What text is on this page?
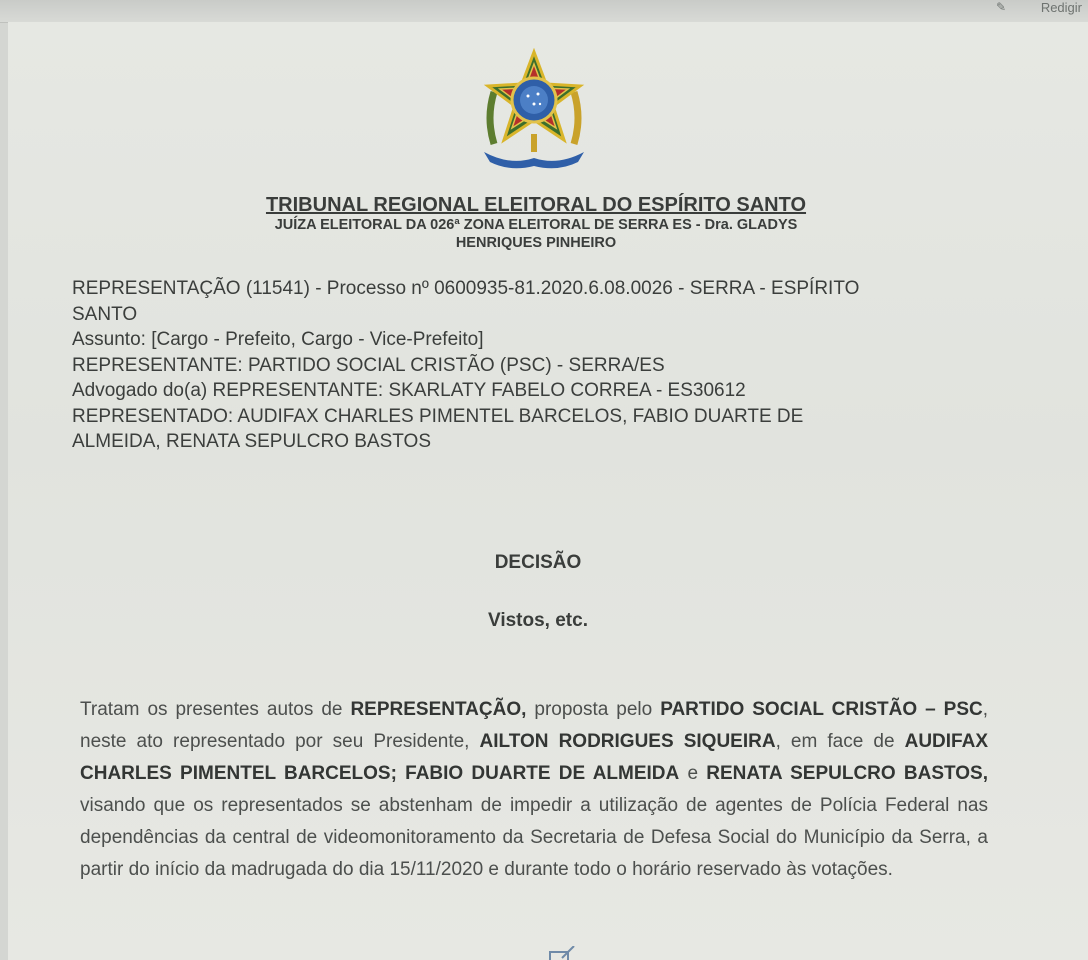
✎	Redigir
TRIBUNAL REGIONAL ELEITORAL DO ESPÍRITO SANTO
JUÍZA ELEITORAL DA 026ª ZONA ELEITORAL DE SERRA ES - Dra. GLADYS
HENRIQUES PINHEIRO
REPRESENTAÇÃO (11541) - Processo nº 0600935-81.2020.6.08.0026 - SERRA - ESPÍRITO
SANTO
Assunto: [Cargo - Prefeito, Cargo - Vice-Prefeito]
REPRESENTANTE: PARTIDO SOCIAL CRISTÃO (PSC) - SERRA/ES
Advogado do(a) REPRESENTANTE: SKARLATY FABELO CORREA - ES30612
REPRESENTADO: AUDIFAX CHARLES PIMENTEL BARCELOS, FABIO DUARTE DE
ALMEIDA, RENATA SEPULCRO BASTOS
DECISÃO
Vistos, etc.
Tratam os presentes autos de REPRESENTAÇÃO, proposta pelo PARTIDO SOCIAL CRISTÃO – PSC, neste ato representado por seu Presidente, AILTON RODRIGUES SIQUEIRA, em face de AUDIFAX CHARLES PIMENTEL BARCELOS; FABIO DUARTE DE ALMEIDA e RENATA SEPULCRO BASTOS, visando que os representados se abstenham de impedir a utilização de agentes de Polícia Federal nas dependências da central de videomonitoramento da Secretaria de Defesa Social do Município da Serra, a partir do início da madrugada do dia 15/11/2020 e durante todo o horário reservado às votações.
